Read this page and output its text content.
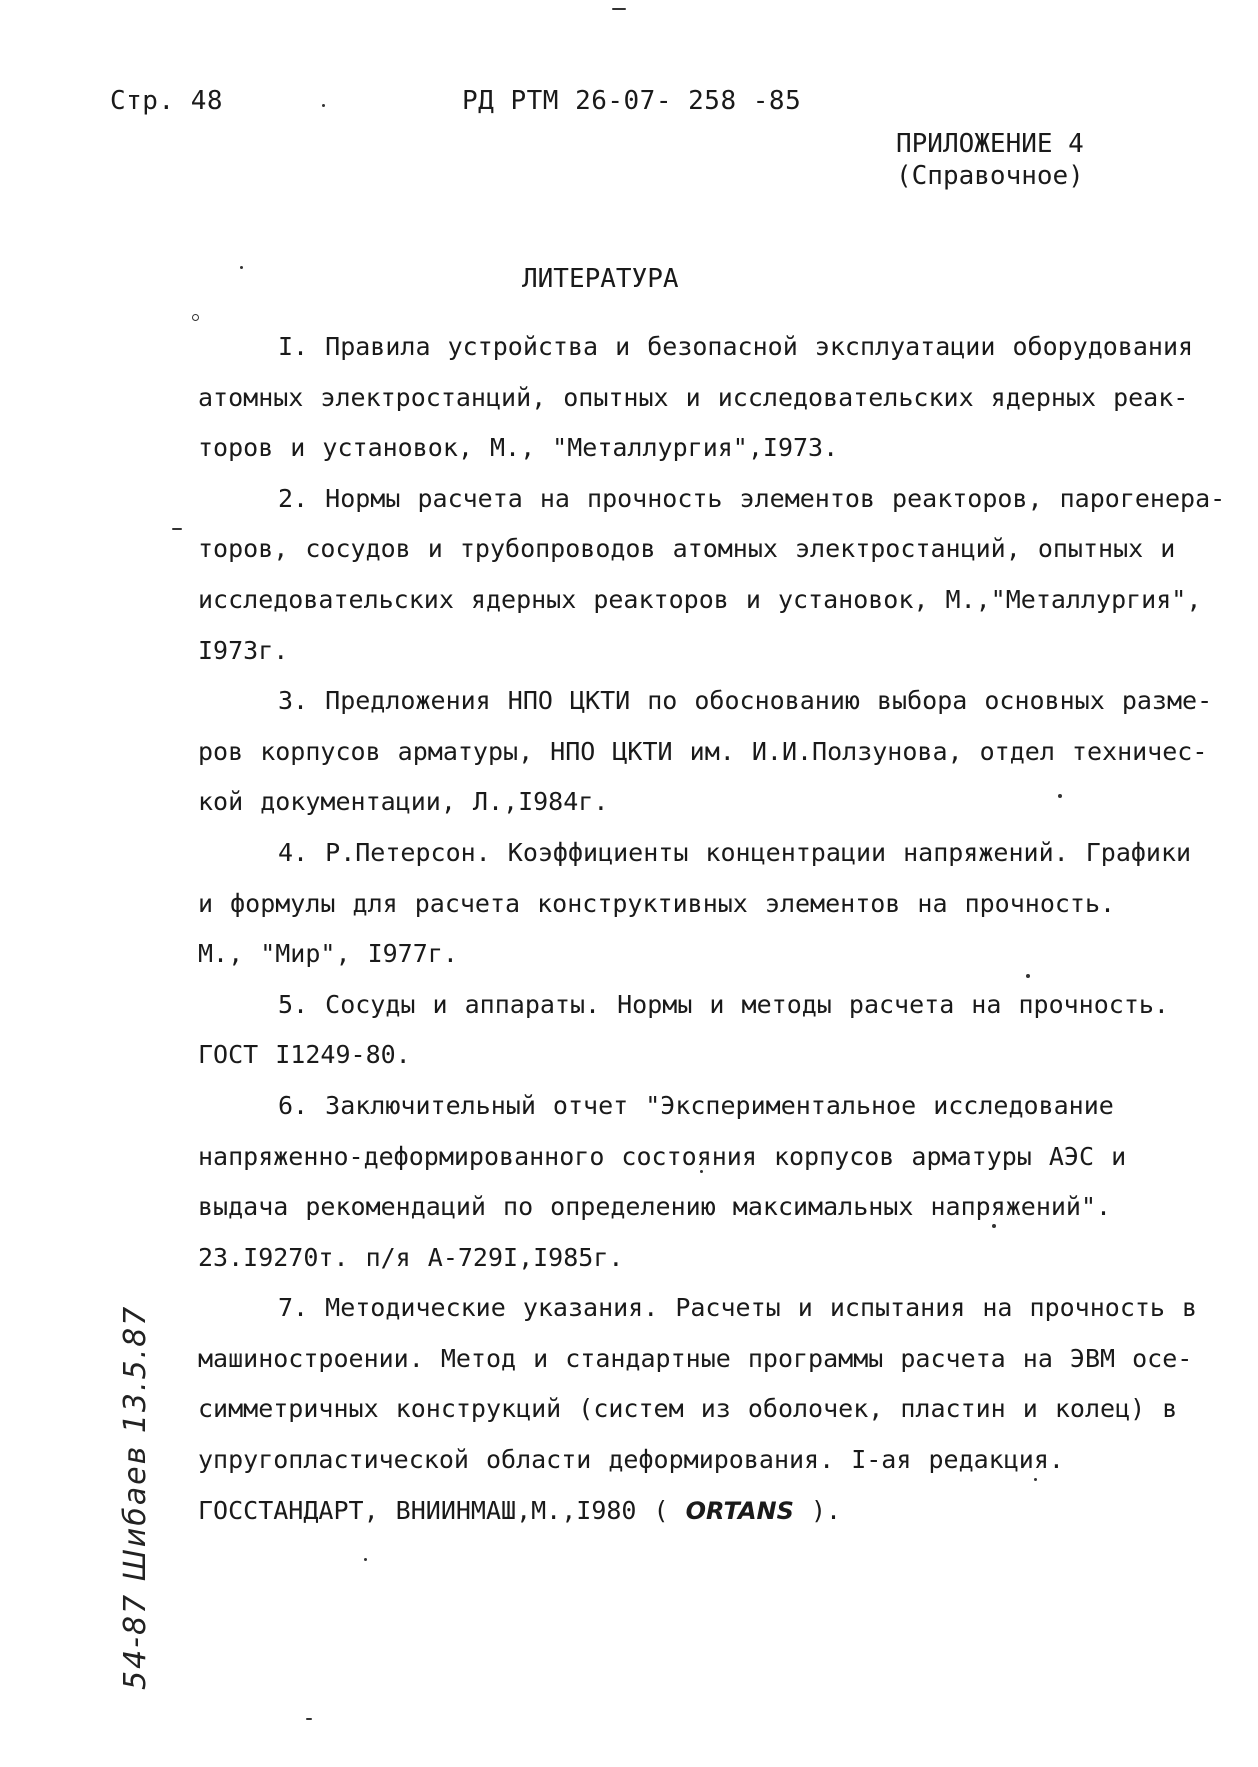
Стр. 48	РД РТМ 26-07- 258 -85
ПРИЛОЖЕНИЕ 4
(Справочное)
ЛИТЕРАТУРА
I. Правила устройства и безопасной эксплуатации оборудования
атомных электростанций, опытных и исследовательских ядерных реак-
торов и установок, М., "Металлургия",I973.
2. Нормы расчета на прочность элементов реакторов, парогенера-
торов, сосудов и трубопроводов атомных электростанций, опытных и
исследовательских ядерных реакторов и установок, М.,"Металлургия",
I973г.
3. Предложения НПО ЦКТИ по обоснованию выбора основных разме-
ров корпусов арматуры, НПО ЦКТИ им. И.И.Ползунова, отдел техничес-
кой документации, Л.,I984г.
4. Р.Петерсон. Коэффициенты концентрации напряжений. Графики
и формулы для расчета конструктивных элементов на прочность.
М., "Мир", I977г.
5. Сосуды и аппараты. Нормы и методы расчета на прочность.
ГОСТ I1249-80.
6. Заключительный отчет "Экспериментальное исследование
напряженно-деформированного состояния корпусов арматуры АЭС и
выдача рекомендаций по определению максимальных напряжений".
23.I9270т. п/я А-729I,I985г.
7. Методические указания. Расчеты и испытания на прочность в
машиностроении. Метод и стандартные программы расчета на ЭВМ осе-
симметричных конструкций (систем из оболочек, пластин и колец) в
упругопластической области деформирования. I-ая редакция.
ГОССТАНДАРТ, ВНИИНМАШ,М.,I980 ( ORTANS ).
54-87 Шибаев 13.5.87
